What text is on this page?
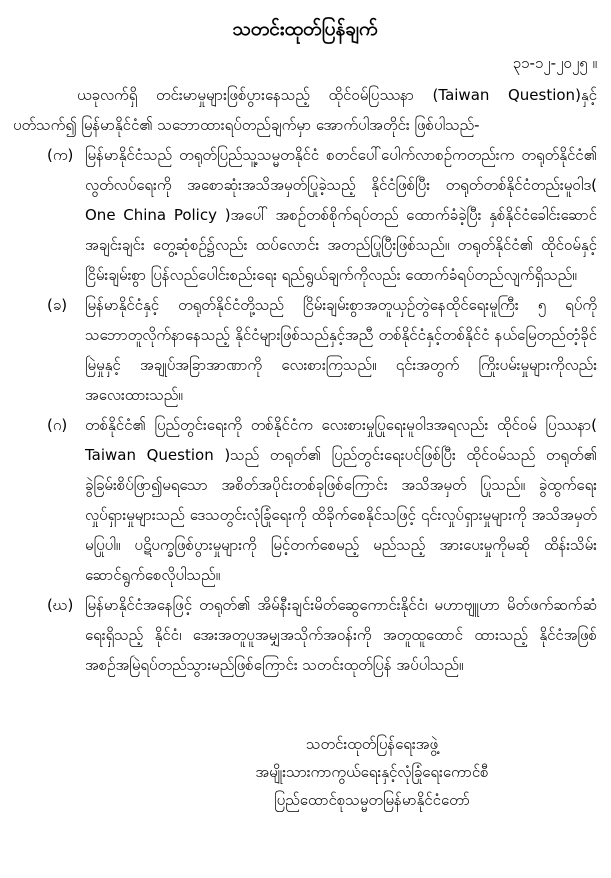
သတင်းထုတ်ပြန်ချက်
၃၁-၁၂-၂၀၂၅ ။

ယခုလက်ရှိ တင်းမာမှုများဖြစ်ပွားနေသည့် ထိုင်ဝမ်ပြဿနာ (Taiwan Question)နှင့် ပတ်သက်၍ မြန်မာနိုင်ငံ၏ သဘောထားရပ်တည်ချက်မှာ အောက်ပါအတိုင်း ဖြစ်ပါသည်-

(က) မြန်မာနိုင်ငံသည် တရုတ်ပြည်သူ့သမ္မတနိုင်ငံ စတင်ပေါ်ပေါက်လာစဉ်ကတည်းက တရုတ်နိုင်ငံ၏ လွတ်လပ်ရေးကို အစောဆုံးအသိအမှတ်ပြုခဲ့သည့် နိုင်ငံဖြစ်ပြီး တရုတ်တစ်နိုင်ငံတည်းမူဝါဒ( One China Policy )အပေါ် အစဉ်တစ်စိုက်ရပ်တည် ထောက်ခံခဲ့ပြီး နှစ်နိုင်ငံခေါင်းဆောင်အချင်းချင်း တွေ့ဆုံစဉ်၌လည်း ထပ်လောင်း အတည်ပြုပြီးဖြစ်သည်။ တရုတ်နိုင်ငံ၏ ထိုင်ဝမ်နှင့်ငြိမ်းချမ်းစွာ ပြန်လည်ပေါင်းစည်းရေး ရည်ရွယ်ချက်ကိုလည်း ထောက်ခံရပ်တည်လျက်ရှိသည်။
(ခ)	မြန်မာနိုင်ငံနှင့် တရုတ်နိုင်ငံတို့သည် ငြိမ်းချမ်းစွာအတူယှဉ်တွဲနေထိုင်ရေးမူကြီး ၅ ရပ်ကို သဘောတူလိုက်နာနေသည့် နိုင်ငံများဖြစ်သည်နှင့်အညီ တစ်နိုင်ငံနှင့်တစ်နိုင်ငံ နယ်မြေတည်တံ့ခိုင်မြဲမှုနှင့် အချုပ်အခြာအာဏာကို လေးစားကြသည်။ ၎င်းအတွက် ကြိုးပမ်းမှုများကိုလည်း အလေးထားသည်။
(ဂ)	တစ်နိုင်ငံ၏ ပြည်တွင်းရေးကို တစ်နိုင်ငံက လေးစားမှုပြုရေးမူဝါဒအရလည်း ထိုင်ဝမ် ပြဿနာ( Taiwan Question )သည် တရုတ်၏ ပြည်တွင်းရေးပင်ဖြစ်ပြီး ထိုင်ဝမ်သည် တရုတ်၏ ခွဲခြမ်းစိပ်ဖြာ၍မရသော အစိတ်အပိုင်းတစ်ခုဖြစ်ကြောင်း အသိအမှတ် ပြုသည်။ ခွဲထွက်ရေးလှုပ်ရှားမှုများသည် ဒေသတွင်းလုံခြုံရေးကို ထိခိုက်စေနိုင်သဖြင့် ၎င်းလှုပ်ရှားမှုများကို အသိအမှတ်မပြုပါ။ ပဋိပက္ခဖြစ်ပွားမှုများကို မြင့်တက်စေမည့် မည်သည့် အားပေးမှုကိုမဆို ထိန်းသိမ်းဆောင်ရွက်စေလိုပါသည်။
(ဃ) မြန်မာနိုင်ငံအနေဖြင့် တရုတ်၏ အိမ်နီးချင်းမိတ်ဆွေကောင်းနိုင်ငံ၊ မဟာဗျူဟာ မိတ်ဖက်ဆက်ဆံရေးရှိသည့် နိုင်ငံ၊ အေးအတူပူအမျှအသိုက်အဝန်းကို အတူထူထောင် ထားသည့် နိုင်ငံအဖြစ် အစဉ်အမြဲရပ်တည်သွားမည်ဖြစ်ကြောင်း သတင်းထုတ်ပြန် အပ်ပါသည်။
သတင်းထုတ်ပြန်ရေးအဖွဲ့
အမျိုးသားကာကွယ်ရေးနှင့်လုံခြုံရေးကောင်စီ
ပြည်ထောင်စုသမ္မတမြန်မာနိုင်ငံတော်
